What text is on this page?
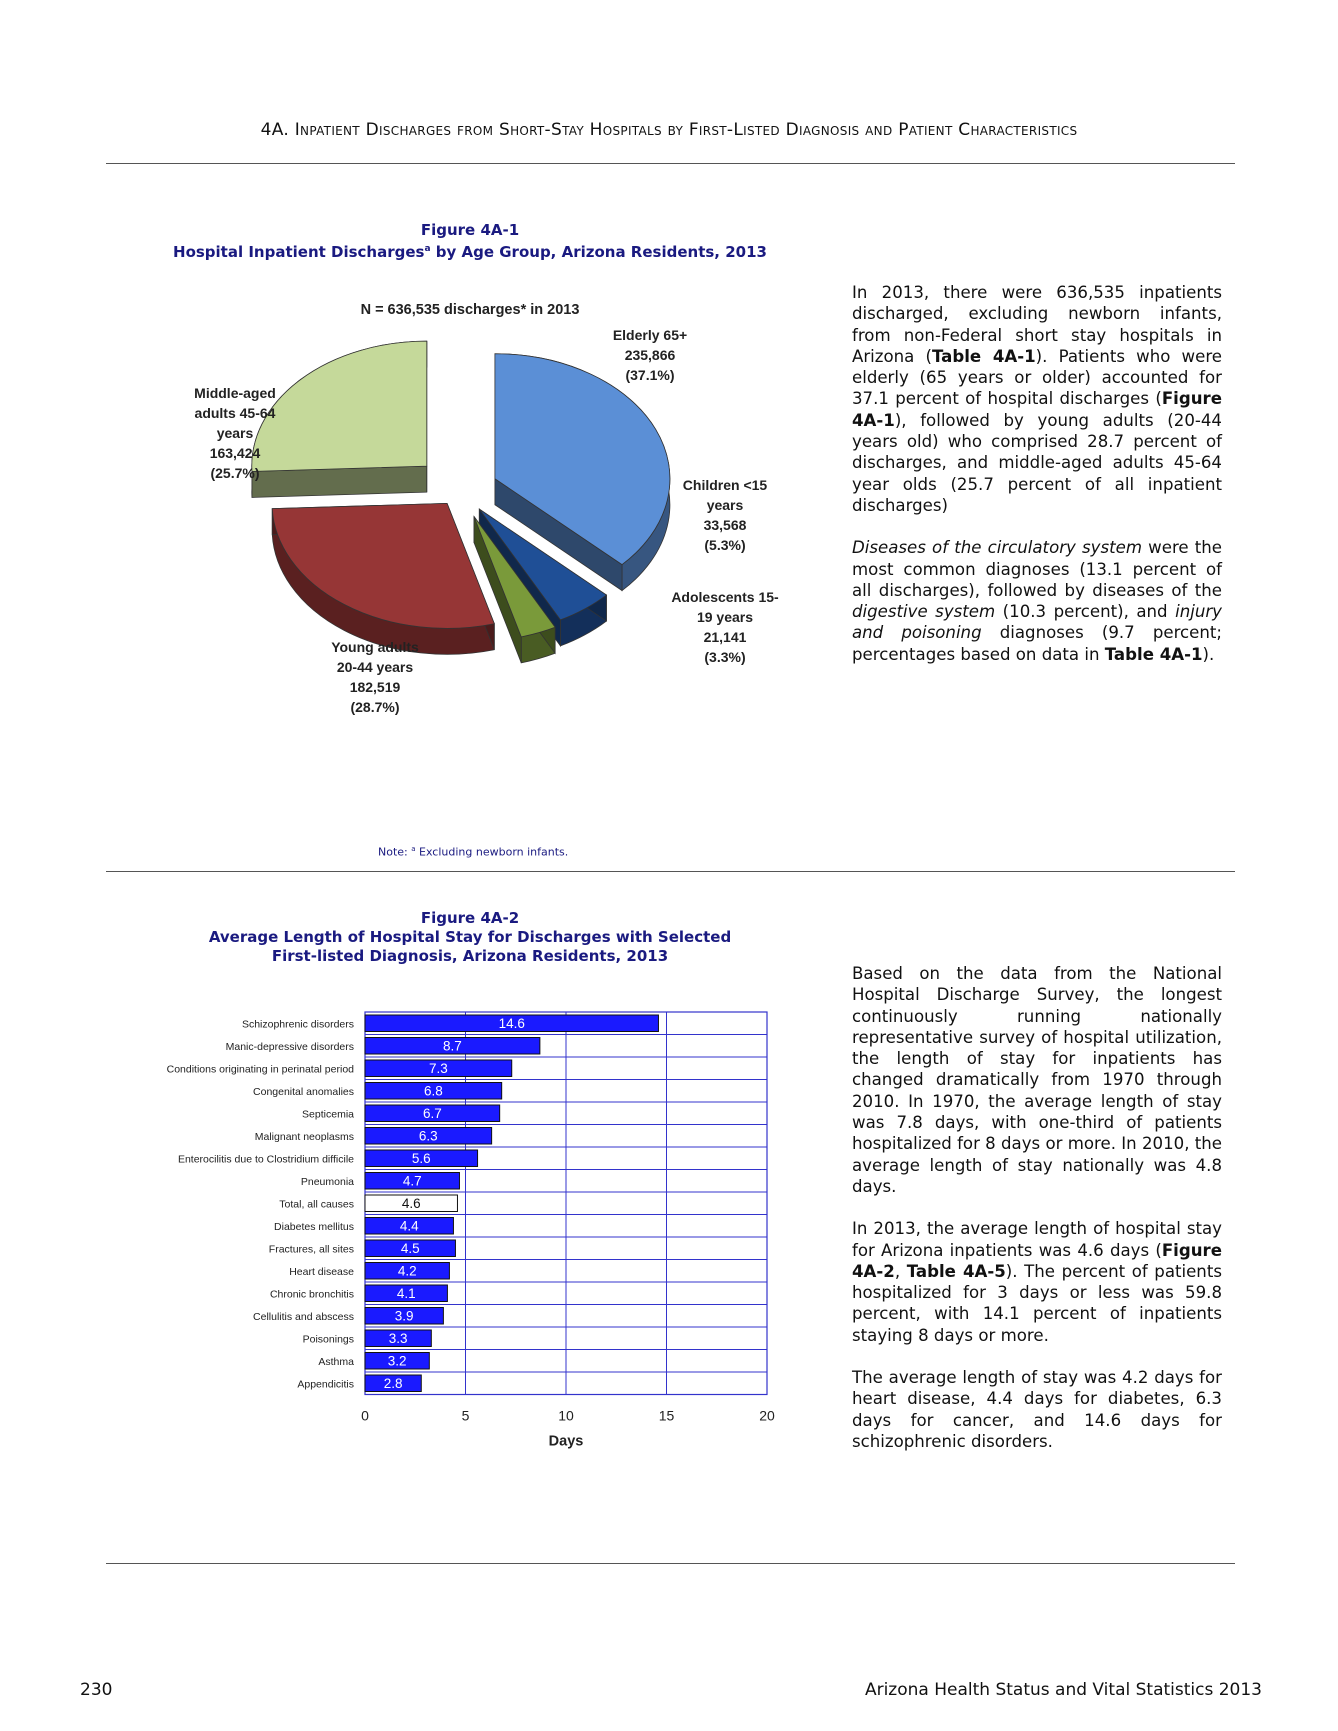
4A. Inpatient Discharges from Short-Stay Hospitals by First-Listed Diagnosis and Patient Characteristics
Figure 4A-1
Hospital Inpatient Discharges$^a$ by Age Group, Arizona Residents, 2013
N = 636,535 discharges* in 2013
Elderly 65+ 235,866 (37.1%)
Children <15 years 33,568 (5.3%)
Adolescents 15-19 years 21,141 (3.3%)
Young adults 20-44 years 182,519 (28.7%)
Middle-aged adults 45-64 years 163,424 (25.7%)
Note: $^a$ Excluding newborn infants.

In 2013, there were 636,535 inpatients discharged, excluding newborn infants, from non-Federal short stay hospitals in Arizona (Table 4A-1). Patients who were elderly (65 years or older) accounted for 37.1 percent of hospital discharges (Figure 4A-1), followed by young adults (20-44 years old) who comprised 28.7 percent of discharges, and middle-aged adults 45-64 year olds (25.7 percent of all inpatient discharges)

Diseases of the circulatory system were the most common diagnoses (13.1 percent of all discharges), followed by diseases of the digestive system (10.3 percent), and injury and poisoning diagnoses (9.7 percent; percentages based on data in Table 4A-1).

Figure 4A-2
Average Length of Hospital Stay for Discharges with Selected
First-listed Diagnosis, Arizona Residents, 2013
14.6
Schizophrenic disorders
8.7
Manic-depressive disorders
7.3
Conditions originating in perinatal period
6.8
Congenital anomalies
6.7
Septicemia
6.3
Malignant neoplasms
5.6
Enterocilitis due to Clostridium difficile
4.7
Pneumonia
4.6
Total, all causes
4.4
Diabetes mellitus
4.5
Fractures, all sites
4.2
Heart disease
4.1
Chronic bronchitis
3.9
Cellulitis and abscess
3.3
Poisonings
3.2
Asthma
2.8
Appendicitis
0	5	10	15	20
Days

Based on the data from the National Hospital Discharge Survey, the longest continuously running nationally representative survey of hospital utilization, the length of stay for inpatients has changed dramatically from 1970 through 2010. In 1970, the average length of stay was 7.8 days, with one-third of patients hospitalized for 8 days or more. In 2010, the average length of stay nationally was 4.8 days.

In 2013, the average length of hospital stay for Arizona inpatients was 4.6 days (Figure 4A-2, Table 4A-5). The percent of patients hospitalized for 3 days or less was 59.8 percent, with 14.1 percent of inpatients staying 8 days or more.

The average length of stay was 4.2 days for heart disease, 4.4 days for diabetes, 6.3 days for cancer, and 14.6 days for schizophrenic disorders.

230	Arizona Health Status and Vital Statistics 2013
